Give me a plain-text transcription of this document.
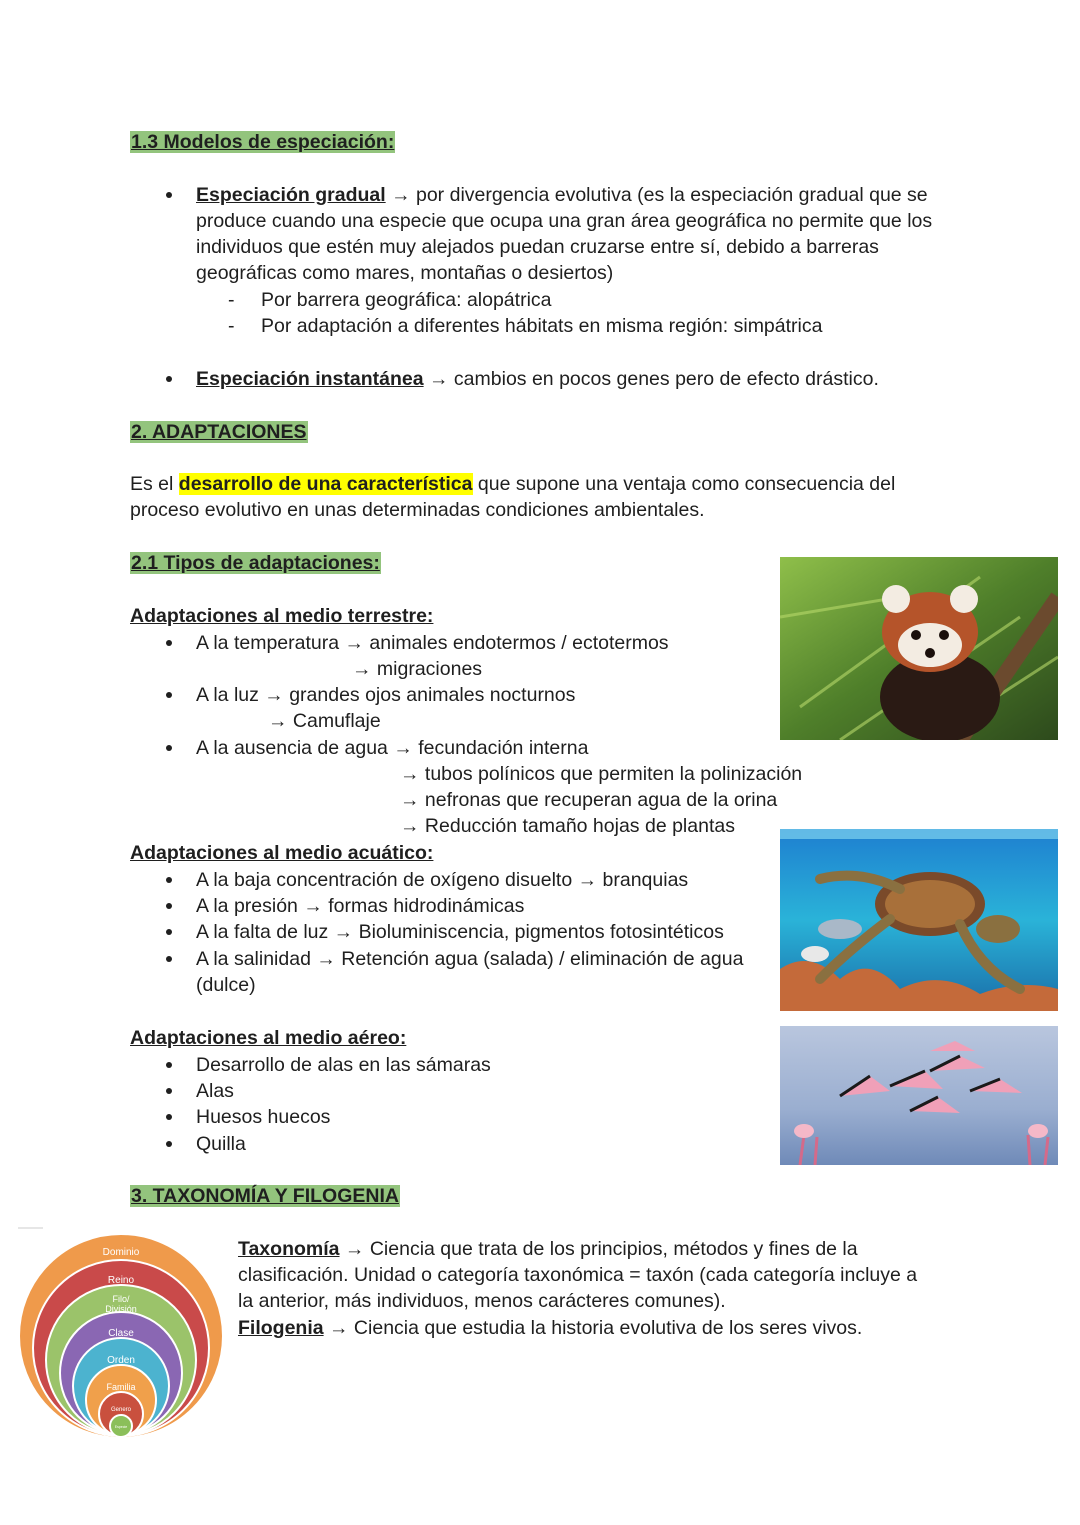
1.3 Modelos de especiación:
Especiación gradual → por divergencia evolutiva (es la especiación gradual que se
produce cuando una especie que ocupa una gran área geográfica no permite que los
individuos que estén muy alejados puedan cruzarse entre sí, debido a barreras
geográficas como mares, montañas o desiertos)
- Por barrera geográfica: alopátrica
- Por adaptación a diferentes hábitats en misma región: simpátrica
Especiación instantánea → cambios en pocos genes pero de efecto drástico.
2. ADAPTACIONES
Es el desarrollo de una característica que supone una ventaja como consecuencia del
proceso evolutivo en unas determinadas condiciones ambientales.
2.1 Tipos de adaptaciones:
Adaptaciones al medio terrestre:
A la temperatura → animales endotermos / ectotermos
→ migraciones
A la luz → grandes ojos animales nocturnos
→ Camuflaje
A la ausencia de agua → fecundación interna
→ tubos polínicos que permiten la polinización
→ nefronas que recuperan agua de la orina
→ Reducción tamaño hojas de plantas
Adaptaciones al medio acuático:
A la baja concentración de oxígeno disuelto → branquias
A la presión → formas hidrodinámicas
A la falta de luz → Bioluminiscencia, pigmentos fotosintéticos
A la salinidad → Retención agua (salada) / eliminación de agua
(dulce)
Adaptaciones al medio aéreo:
Desarrollo de alas en las sámaras
Alas
Huesos huecos
Quilla
3. TAXONOMÍA Y FILOGENIA
Dominio
Reino
Filo/ División
Clase
Orden
Familia
Genero
Especie
Taxonomía → Ciencia que trata de los principios, métodos y fines de la
clasificación. Unidad o categoría taxonómica = taxón (cada categoría incluye a
la anterior, más individuos, menos carácteres comunes).
Filogenia → Ciencia que estudia la historia evolutiva de los seres vivos.
